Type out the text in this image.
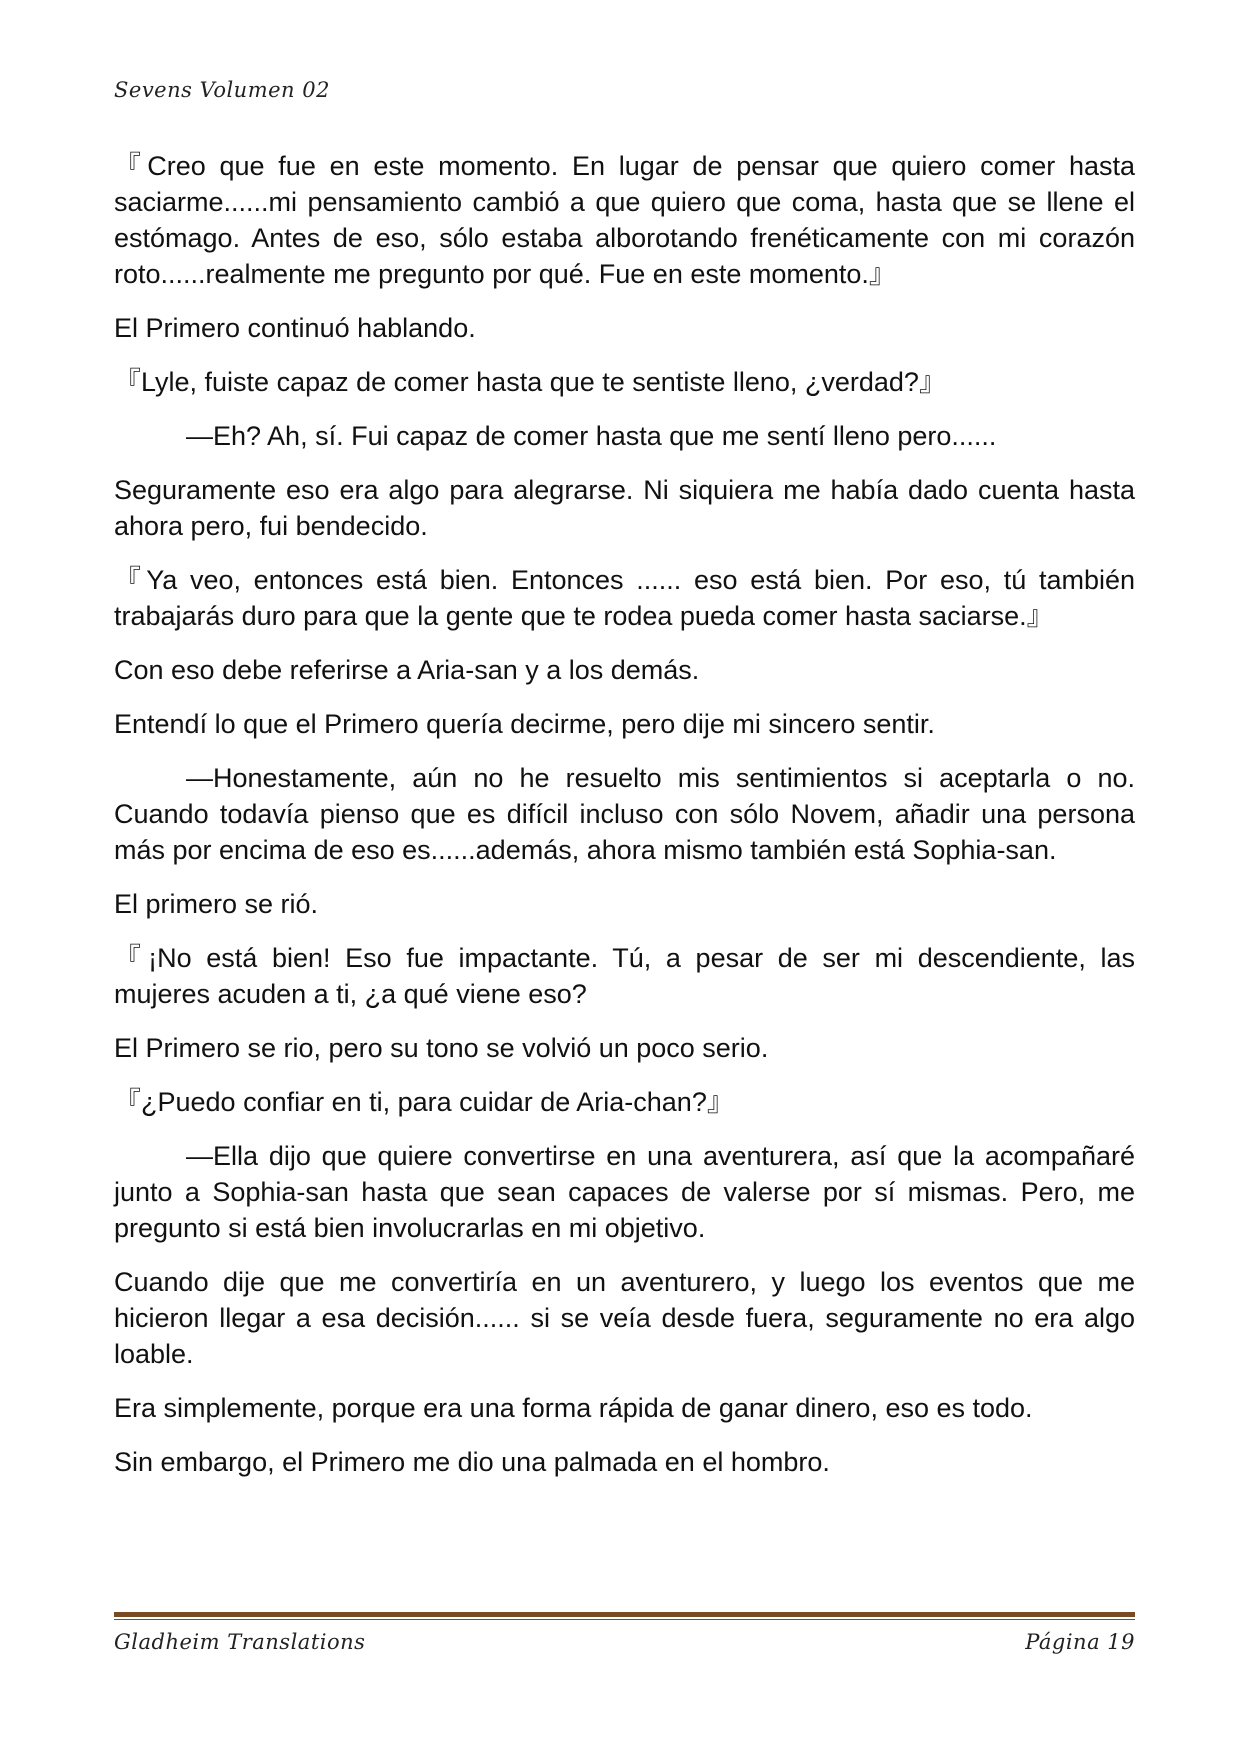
Sevens Volumen 02

『Creo que fue en este momento. En lugar de pensar que quiero comer hasta saciarme......mi pensamiento cambió a que quiero que coma, hasta que se llene el estómago. Antes de eso, sólo estaba alborotando frenéticamente con mi corazón roto......realmente me pregunto por qué. Fue en este momento.』

El Primero continuó hablando.

『Lyle, fuiste capaz de comer hasta que te sentiste lleno, ¿verdad?』

—Eh? Ah, sí. Fui capaz de comer hasta que me sentí lleno pero......

Seguramente eso era algo para alegrarse. Ni siquiera me había dado cuenta hasta ahora pero, fui bendecido.

『Ya veo, entonces está bien. Entonces ...... eso está bien. Por eso, tú también trabajarás duro para que la gente que te rodea pueda comer hasta saciarse.』

Con eso debe referirse a Aria-san y a los demás.

Entendí lo que el Primero quería decirme, pero dije mi sincero sentir.

—Honestamente, aún no he resuelto mis sentimientos si aceptarla o no. Cuando todavía pienso que es difícil incluso con sólo Novem, añadir una persona más por encima de eso es......además, ahora mismo también está Sophia-san.

El primero se rió.

『¡No está bien! Eso fue impactante. Tú, a pesar de ser mi descendiente, las mujeres acuden a ti, ¿a qué viene eso?

El Primero se rio, pero su tono se volvió un poco serio.

『¿Puedo confiar en ti, para cuidar de Aria-chan?』

—Ella dijo que quiere convertirse en una aventurera, así que la acompañaré junto a Sophia-san hasta que sean capaces de valerse por sí mismas. Pero, me pregunto si está bien involucrarlas en mi objetivo.

Cuando dije que me convertiría en un aventurero, y luego los eventos que me hicieron llegar a esa decisión...... si se veía desde fuera, seguramente no era algo loable.

Era simplemente, porque era una forma rápida de ganar dinero, eso es todo.

Sin embargo, el Primero me dio una palmada en el hombro.

Gladheim Translations	Página 19
